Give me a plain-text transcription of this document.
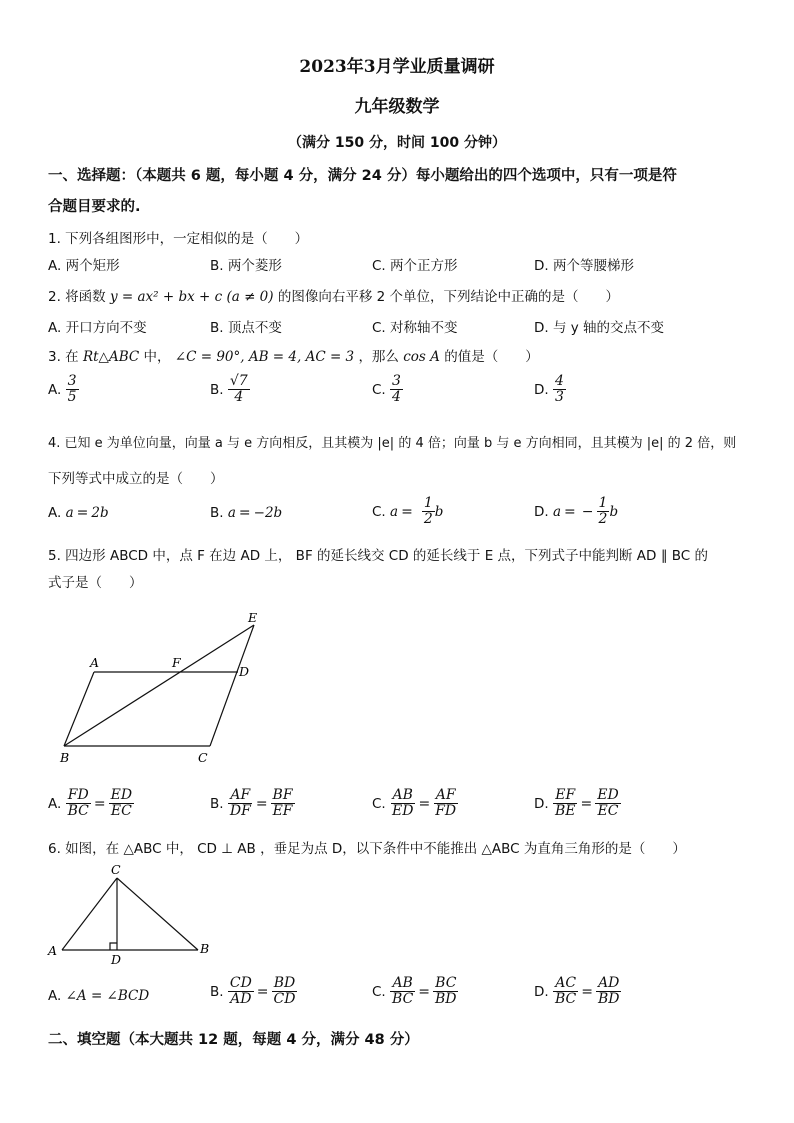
2023年3月学业质量调研
九年级数学
（满分 150 分，时间 100 分钟）
一、选择题：（本题共 6 题，每小题 4 分，满分 24 分）每小题给出的四个选项中，只有一项是符
合题目要求的.
1. 下列各组图形中，一定相似的是（　　）
A. 两个矩形	B. 两个菱形	C. 两个正方形	D. 两个等腰梯形
2. 将函数 y = ax² + bx + c (a ≠ 0) 的图像向右平移 2 个单位，下列结论中正确的是（　　）
A. 开口方向不变	B. 顶点不变	C. 对称轴不变	D. 与 y 轴的交点不变
3. 在 Rt△ABC 中， ∠C = 90°, AB = 4, AC = 3 ，那么 cos A 的值是（　　）
A. $\frac{3}{5}$	B. $\frac{√7}{4}$	C. $\frac{3}{4}$	D. $\frac{4}{3}$
4. 已知 e 为单位向量，向量 a 与 e 方向相反，且其模为 |e| 的 4 倍；向量 b 与 e 方向相同，且其模为 |e| 的 2 倍，则
下列等式中成立的是（　　）
A. a = 2b	B. a = −2b	C. $a = \frac{1}{2}$ b	D. a = − $\frac{1}{2}$ b
5. 四边形 ABCD 中，点 F 在边 AD 上， BF 的延长线交 CD 的延长线于 E 点，下列式子中能判断 AD ∥ BC 的
式子是（　　）
A	F
D
E
B	C
A. $\frac{FD}{BC} = \frac{ED}{EC}$	B. $\frac{AF}{DF} = \frac{BF}{EF}$	C. $\frac{AB}{ED} = \frac{AF}{FD}$	D. $\frac{EF}{BE} = \frac{ED}{EC}$
6. 如图，在 △ABC 中， CD ⊥ AB ，垂足为点 D，以下条件中不能推出 △ABC 为直角三角形的是（　　）
C
A	B
D
A. ∠A = ∠BCD	B. $\frac{CD}{AD} = \frac{BD}{CD}$	C. $\frac{AB}{BC} = \frac{BC}{BD}$	D. $\frac{AC}{BC} = \frac{AD}{BD}$
二、填空题（本大题共 12 题，每题 4 分，满分 48 分）
